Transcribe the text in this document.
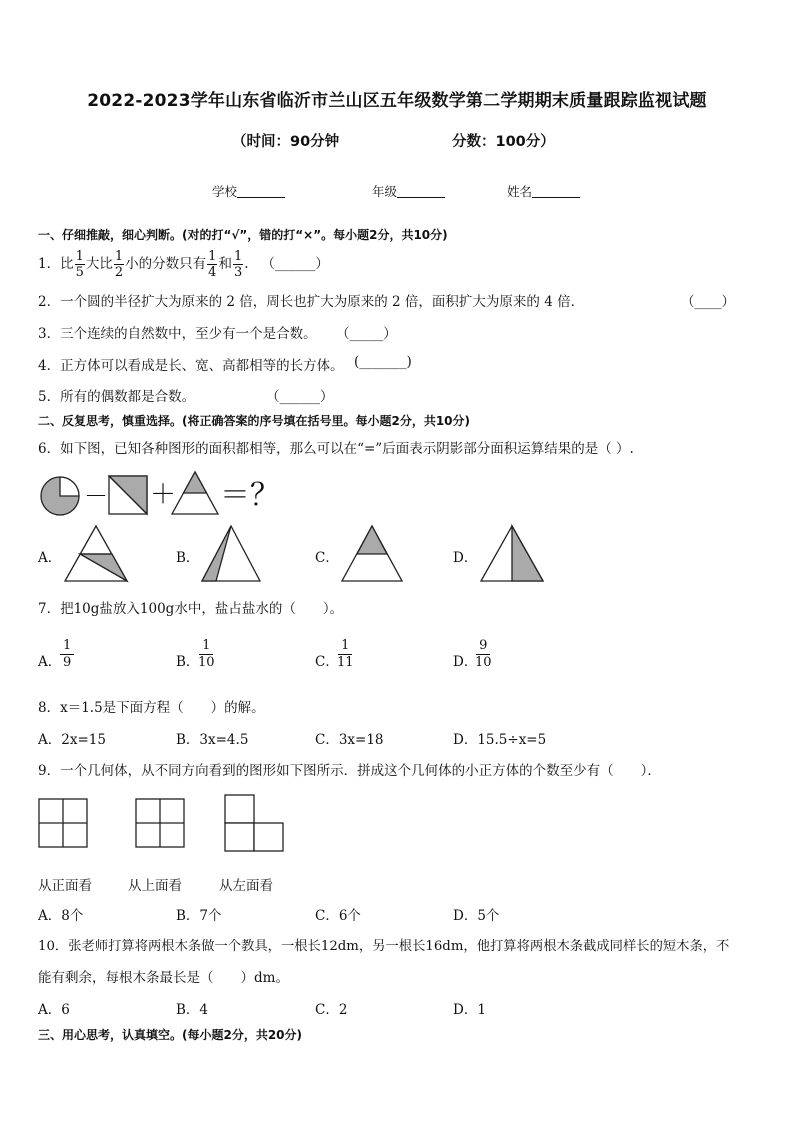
2022-2023学年山东省临沂市兰山区五年级数学第二学期期末质量跟踪监视试题
（时间：90分钟	分数：100分）
学校	年级	姓名
一、仔细推敲，细心判断。(对的打“√”，错的打“×”。每小题2分，共10分)
1．比 $\frac{1}{5}$ 大比 $\frac{1}{2}$ 小的分数只有 $\frac{1}{4}$ 和 $\frac{1}{3}$ . （______）
2．一个圆的半径扩大为原来的 2 倍，周长也扩大为原来的 2 倍，面积扩大为原来的 4 倍．	（____）
3．三个连续的自然数中，至少有一个是合数。 （_____）
4．正方体可以看成是长、宽、高都相等的长方体。 (_______)
5．所有的偶数都是合数。	（______）
二、反复思考，慎重选择。(将正确答案的序号填在括号里。每小题2分，共10分)
6．如下图，已知各种图形的面积都相等，那么可以在“=”后面表示阴影部分面积运算结果的是（ ）.
－ ＋ ＝？
A．	B．	C．	D．
7．把10g盐放入100g水中，盐占盐水的（　　）。
A．
1
9	B．
1
10	C．
1
11	D．
9
10
8．x＝1.5是下面方程（　　）的解。
A．2x=15	B．3x=4.5	C．3x=18	D．15.5÷x=5
9．一个几何体，从不同方向看到的图形如下图所示．拼成这个几何体的小正方体的个数至少有（　　）．
从正面看	从上面看	从左面看
A．8个	B．7个	C．6个	D．5个
10．张老师打算将两根木条做一个教具，一根长12dm，另一根长16dm，他打算将两根木条截成同样长的短木条，不
能有剩余，每根木条最长是（　　）dm。
A．6	B．4	C．2	D．1
三、用心思考，认真填空。(每小题2分，共20分)
